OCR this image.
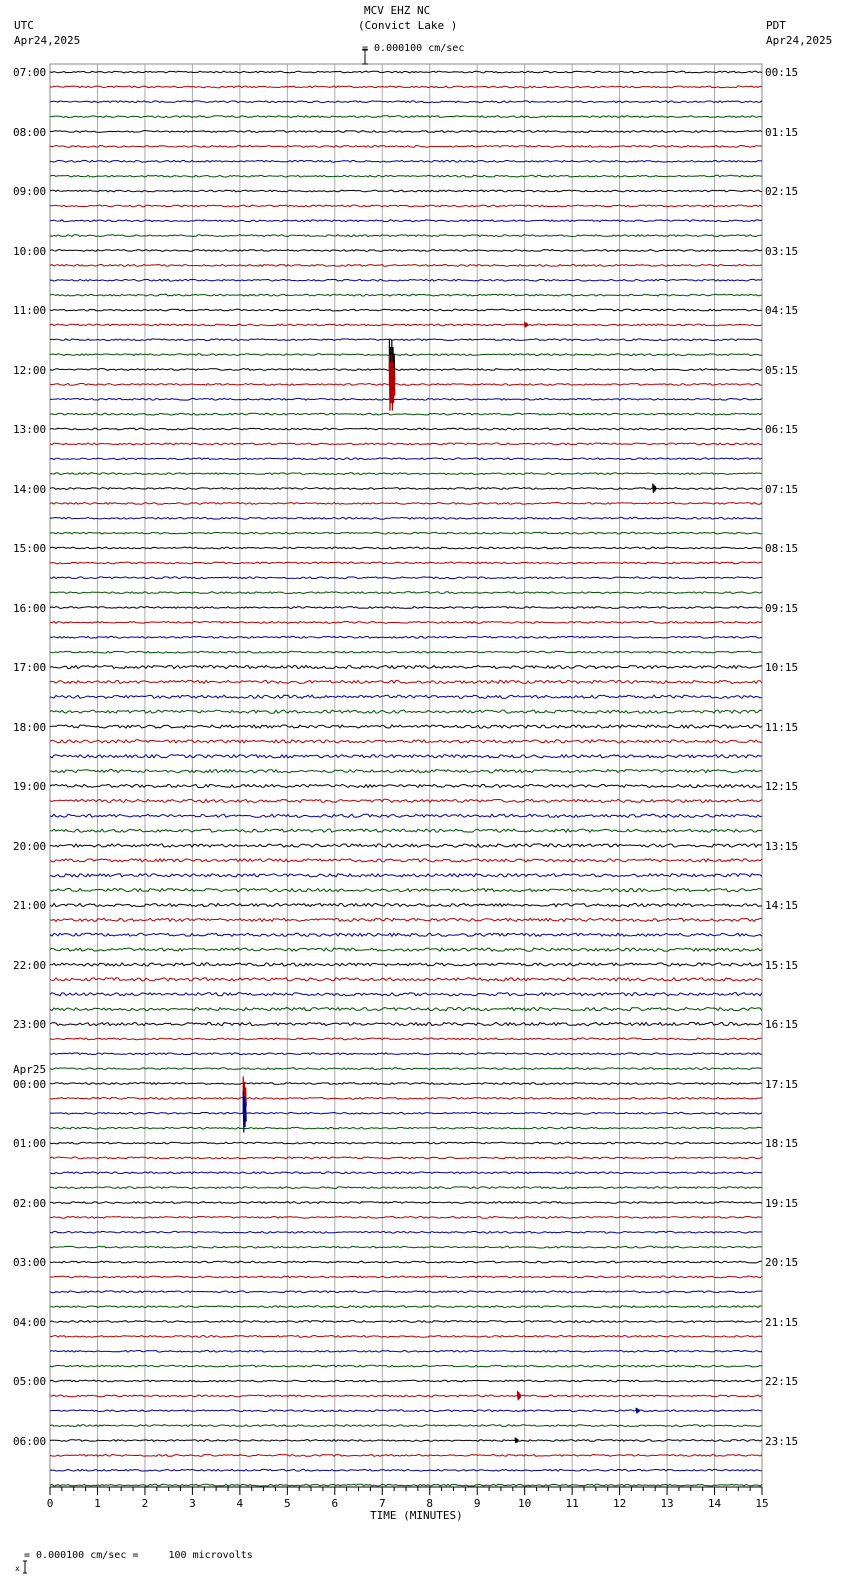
0	1	2	3	4	5	6	7	8	9	10	11	12	13	14	15
MCV EHZ NC
(Convict Lake )

= 0.000100 cm/sec
UTC
Apr24,2025
PDT
Apr24,2025
TIME (MINUTES)

x

= 0.000100 cm/sec =     100 microvolts
07:00
08:00
09:00
10:00
11:00
12:00
13:00
14:00
15:00
16:00
17:00
18:00
19:00
20:00
21:00
22:00
23:00
00:00
Apr25
01:00
02:00
03:00
04:00
05:00
06:00
00:15
01:15
02:15
03:15
04:15
05:15
06:15
07:15
08:15
09:15
10:15
11:15
12:15
13:15
14:15
15:15
16:15
17:15
18:15
19:15
20:15
21:15
22:15
23:15
